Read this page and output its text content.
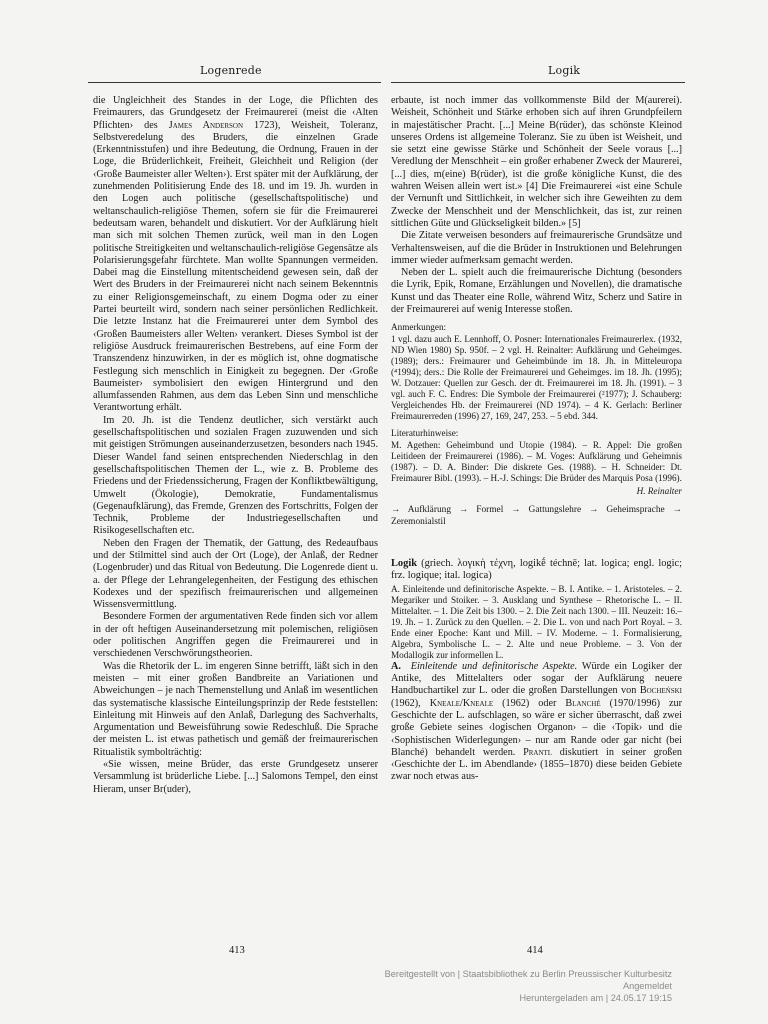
Logenrede	Logik

die Ungleichheit des Standes in der Loge, die Pflichten des Freimaurers, das Grundgesetz der Freimaurerei (meist die ‹Alten Pflichten› des James Anderson 1723), Weisheit, Toleranz, Selbstveredelung des Bruders, die einzelnen Grade (Erkenntnisstufen) und ihre Bedeutung, die Ordnung, Frauen in der Loge, die Brüderlichkeit, Freiheit, Gleichheit und Religion (der ‹Große Baumeister aller Welten›). Erst später mit der Aufklärung, der zunehmenden Politisierung Ende des 18. und im 19. Jh. wurden in den Logen auch politische (gesellschaftspolitische) und weltanschaulich-religiöse Themen, sofern sie für die Freimaurerei bedeutsam waren, behandelt und diskutiert. Vor der Aufklärung hielt man sich mit solchen Themen zurück, weil man in den Logen politische Streitigkeiten und weltanschaulich-religiöse Gegensätze als Polarisierungsgefahr fürchtete. Man wollte Spannungen vermeiden. Dabei mag die Einstellung mitentscheidend gewesen sein, daß der Wert des Bruders in der Freimaurerei nicht nach seinem Bekenntnis zu einer Religionsgemeinschaft, zu einem Dogma oder zu einer Partei beurteilt wird, sondern nach seiner persönlichen Redlichkeit. Die letzte Instanz hat die Freimaurerei unter dem Symbol des ‹Großen Baumeisters aller Welten› verankert. Dieses Symbol ist der religiöse Ausdruck freimaurerischen Bestrebens, auf eine Form der Transzendenz hinzuwirken, in der es möglich ist, ohne dogmatische Festlegung sich menschlich in Einigkeit zu begegnen. Der ‹Große Baumeister› symbolisiert den ewigen Hintergrund und den allumfassenden Rahmen, aus dem das Leben Sinn und menschliche Verantwortung erhält.

Im 20. Jh. ist die Tendenz deutlicher, sich verstärkt auch gesellschaftspolitischen und sozialen Fragen zuzuwenden und sich mit geistigen Strömungen auseinanderzusetzen, besonders nach 1945. Dieser Wandel fand seinen entsprechenden Niederschlag in den gesellschaftspolitischen Themen der L., wie z. B. Probleme des Friedens und der Friedenssicherung, Fragen der Konfliktbewältigung, Umwelt (Ökologie), Demokratie, Fundamentalismus (Gegenaufklärung), das Fremde, Grenzen des Fortschritts, Folgen der Technik, Probleme der Industriegesellschaften und Risikogesellschaften etc.

Neben den Fragen der Thematik, der Gattung, des Redeaufbaus und der Stilmittel sind auch der Ort (Loge), der Anlaß, der Redner (Logenbruder) und das Ritual von Bedeutung. Die Logenrede dient u. a. der Pflege der Lehrangelegenheiten, der Festigung des ethischen Kodexes und der spezifisch freimaurerischen und allgemeinen Wissensvermittlung.

Besondere Formen der argumentativen Rede finden sich vor allem in der oft heftigen Auseinandersetzung mit polemischen, religiösen oder politischen Angriffen gegen die Freimaurerei und in verschiedenen Verschwörungstheorien.

Was die Rhetorik der L. im engeren Sinne betrifft, läßt sich in den meisten – mit einer großen Bandbreite an Variationen und Abweichungen – je nach Themenstellung und Anlaß im wesentlichen das systematische klassische Einteilungsprinzip der Rede feststellen: Einleitung mit Hinweis auf den Anlaß, Darlegung des Sachverhalts, Argumentation und Beweisführung sowie Redeschluß. Die Sprache der meisten L. ist etwas pathetisch und gemäß der freimaurerischen Ritualistik symbolträchtig:

«Sie wissen, meine Brüder, das erste Grundgesetz unserer Versammlung ist brüderliche Liebe. [...] Salomons Tempel, den einst Hieram, unser Br(uder),

erbaute, ist noch immer das vollkommenste Bild der M(aurerei). Weisheit, Schönheit und Stärke erhoben sich auf ihren Grundpfeilern in majestätischer Pracht. [...] Meine B(rüder), das schönste Kleinod unseres Ordens ist allgemeine Toleranz. Sie zu üben ist Weisheit, und sie setzt eine gewisse Stärke und Schönheit der Seele voraus [...] Veredlung der Menschheit – ein großer erhabener Zweck der Maurerei, [...] dies, m(eine) B(rüder), ist die große königliche Kunst, die des wahren Weisen allein wert ist.» [4] Die Freimaurerei «ist eine Schule der Vernunft und Sittlichkeit, in welcher sich ihre Geweihten zu dem Zwecke der Menschheit und der Menschlichkeit, das ist, zur reinen sittlichen Güte und Glückseligkeit bilden.» [5]

Die Zitate verweisen besonders auf freimaurerische Grundsätze und Verhaltensweisen, auf die die Brüder in Instruktionen und Belehrungen immer wieder aufmerksam gemacht werden.

Neben der L. spielt auch die freimaurerische Dichtung (besonders die Lyrik, Epik, Romane, Erzählungen und Novellen), die dramatische Kunst und das Theater eine Rolle, während Witz, Scherz und Satire in der Freimaurerei auf wenig Interesse stoßen.

Anmerkungen:
1 vgl. dazu auch E. Lennhoff, O. Posner: Internationales Freimaurerlex. (1932, ND Wien 1980) Sp. 950f. – 2 vgl. H. Reinalter: Aufklärung und Geheimges. (1989); ders.: Freimaurer und Geheimbünde im 18. Jh. in Mitteleuropa (⁴1994); ders.: Die Rolle der Freimaurerei und Geheimges. im 18. Jh. (1995); W. Dotzauer: Quellen zur Gesch. der dt. Freimaurerei im 18. Jh. (1991). – 3 vgl. auch F. C. Endres: Die Symbole der Freimaurerei (²1977); J. Schauberg: Vergleichendes Hb. der Freimaurerei (ND 1974). – 4 K. Gerlach: Berliner Freimaurerreden (1996) 27, 169, 247, 253. – 5 ebd. 344.
Literaturhinweise:
M. Agethen: Geheimbund und Utopie (1984). – R. Appel: Die großen Leitideen der Freimaurerei (1986). – M. Voges: Aufklärung und Geheimnis (1987). – D. A. Binder: Die diskrete Ges. (1988). – H. Schneider: Dt. Freimaurer Bibl. (1993). – H.-J. Schings: Die Brüder des Marquis Posa (1996).
H. Reinalter
→ Aufklärung → Formel → Gattungslehre → Geheimsprache → Zeremonialstil
Logik (griech. λογικὴ τέχνη, logikḗ téchnē; lat. logica; engl. logic; frz. logique; ital. logica)
A. Einleitende und definitorische Aspekte. – B. I. Antike. – 1. Aristoteles. – 2. Megariker und Stoiker. – 3. Ausklang und Synthese – Rhetorische L. – II. Mittelalter. – 1. Die Zeit bis 1300. – 2. Die Zeit nach 1300. – III. Neuzeit: 16.–19. Jh. – 1. Zurück zu den Quellen. – 2. Die L. von und nach Port Royal. – 3. Ende einer Epoche: Kant und Mill. – IV. Moderne. – 1. Formalisierung, Algebra, Symbolische L. – 2. Alte und neue Probleme. – 3. Von der Modallogik zur informellen L.

A. Einleitende und definitorische Aspekte. Würde ein Logiker der Antike, des Mittelalters oder sogar der Aufklärung neuere Handbuchartikel zur L. oder die großen Darstellungen von Bocheński (1962), Kneale/Kneale (1962) oder Blanché (1970/1996) zur Geschichte der L. aufschlagen, so wäre er sicher überrascht, daß zwei große Gebiete seines ‹logischen Organon› – die ‹Topik› und die ‹Sophistischen Widerlegungen› – nur am Rande oder gar nicht (bei Blanché) behandelt werden. Prantl diskutiert in seiner großen ‹Geschichte der L. im Abendlande› (1855–1870) diese beiden Gebiete zwar noch etwas aus-

413	414
Bereitgestellt von | Staatsbibliothek zu Berlin Preussischer Kulturbesitz
Angemeldet
Heruntergeladen am | 24.05.17 19:15
